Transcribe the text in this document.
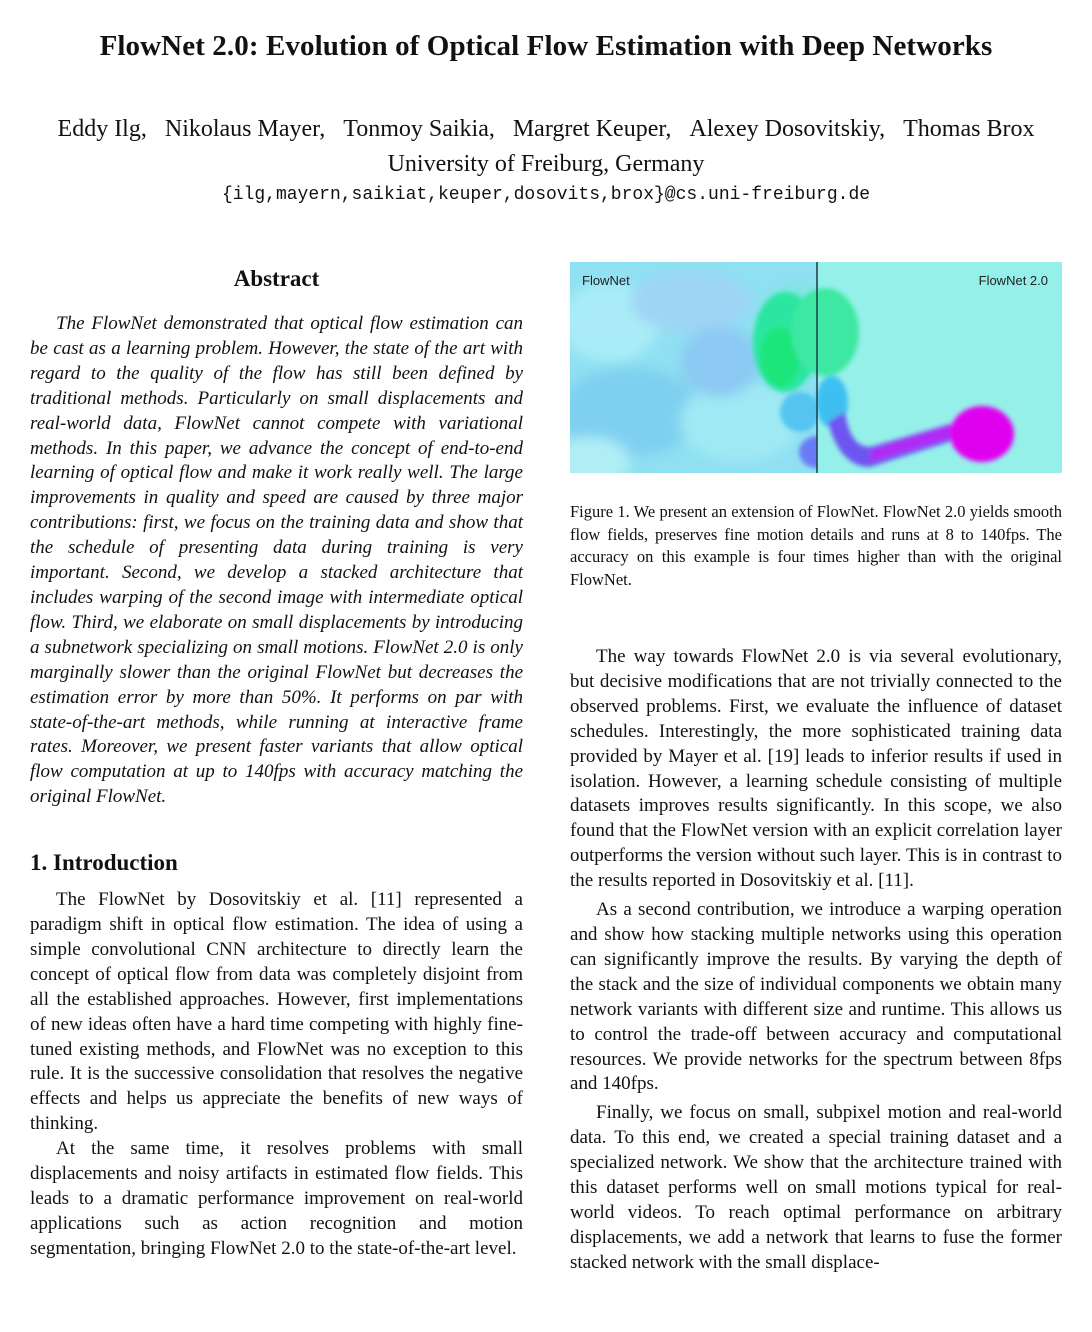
FlowNet 2.0: Evolution of Optical Flow Estimation with Deep Networks
Eddy Ilg, Nikolaus Mayer, Tonmoy Saikia, Margret Keuper, Alexey Dosovitskiy, Thomas Brox
University of Freiburg, Germany
{ilg,mayern,saikiat,keuper,dosovits,brox}@cs.uni-freiburg.de
Abstract

The FlowNet demonstrated that optical flow estimation can be cast as a learning problem. However, the state of the art with regard to the quality of the flow has still been defined by traditional methods. Particularly on small displacements and real-world data, FlowNet cannot compete with variational methods. In this paper, we advance the concept of end-to-end learning of optical flow and make it work really well. The large improvements in quality and speed are caused by three major contributions: first, we focus on the training data and show that the schedule of presenting data during training is very important. Second, we develop a stacked architecture that includes warping of the second image with intermediate optical flow. Third, we elaborate on small displacements by introducing a subnetwork specializing on small motions. FlowNet 2.0 is only marginally slower than the original FlowNet but decreases the estimation error by more than 50%. It performs on par with state-of-the-art methods, while running at interactive frame rates. Moreover, we present faster variants that allow optical flow computation at up to 140fps with accuracy matching the original FlowNet.

1. Introduction

The FlowNet by Dosovitskiy et al. [11] represented a paradigm shift in optical flow estimation. The idea of using a simple convolutional CNN architecture to directly learn the concept of optical flow from data was completely disjoint from all the established approaches. However, first implementations of new ideas often have a hard time competing with highly fine-tuned existing methods, and FlowNet was no exception to this rule. It is the successive consolidation that resolves the negative effects and helps us appreciate the benefits of new ways of thinking.

At the same time, it resolves problems with small displacements and noisy artifacts in estimated flow fields. This leads to a dramatic performance improvement on real-world applications such as action recognition and motion segmentation, bringing FlowNet 2.0 to the state-of-the-art level.

FlowNet	FlowNet 2.0

Figure 1. We present an extension of FlowNet. FlowNet 2.0 yields smooth flow fields, preserves fine motion details and runs at 8 to 140fps. The accuracy on this example is four times higher than with the original FlowNet.

The way towards FlowNet 2.0 is via several evolutionary, but decisive modifications that are not trivially connected to the observed problems. First, we evaluate the influence of dataset schedules. Interestingly, the more sophisticated training data provided by Mayer et al. [19] leads to inferior results if used in isolation. However, a learning schedule consisting of multiple datasets improves results significantly. In this scope, we also found that the FlowNet version with an explicit correlation layer outperforms the version without such layer. This is in contrast to the results reported in Dosovitskiy et al. [11].

As a second contribution, we introduce a warping operation and show how stacking multiple networks using this operation can significantly improve the results. By varying the depth of the stack and the size of individual components we obtain many network variants with different size and runtime. This allows us to control the trade-off between accuracy and computational resources. We provide networks for the spectrum between 8fps and 140fps.

Finally, we focus on small, subpixel motion and real-world data. To this end, we created a special training dataset and a specialized network. We show that the architecture trained with this dataset performs well on small motions typical for real-world videos. To reach optimal performance on arbitrary displacements, we add a network that learns to fuse the former stacked network with the small displace-
